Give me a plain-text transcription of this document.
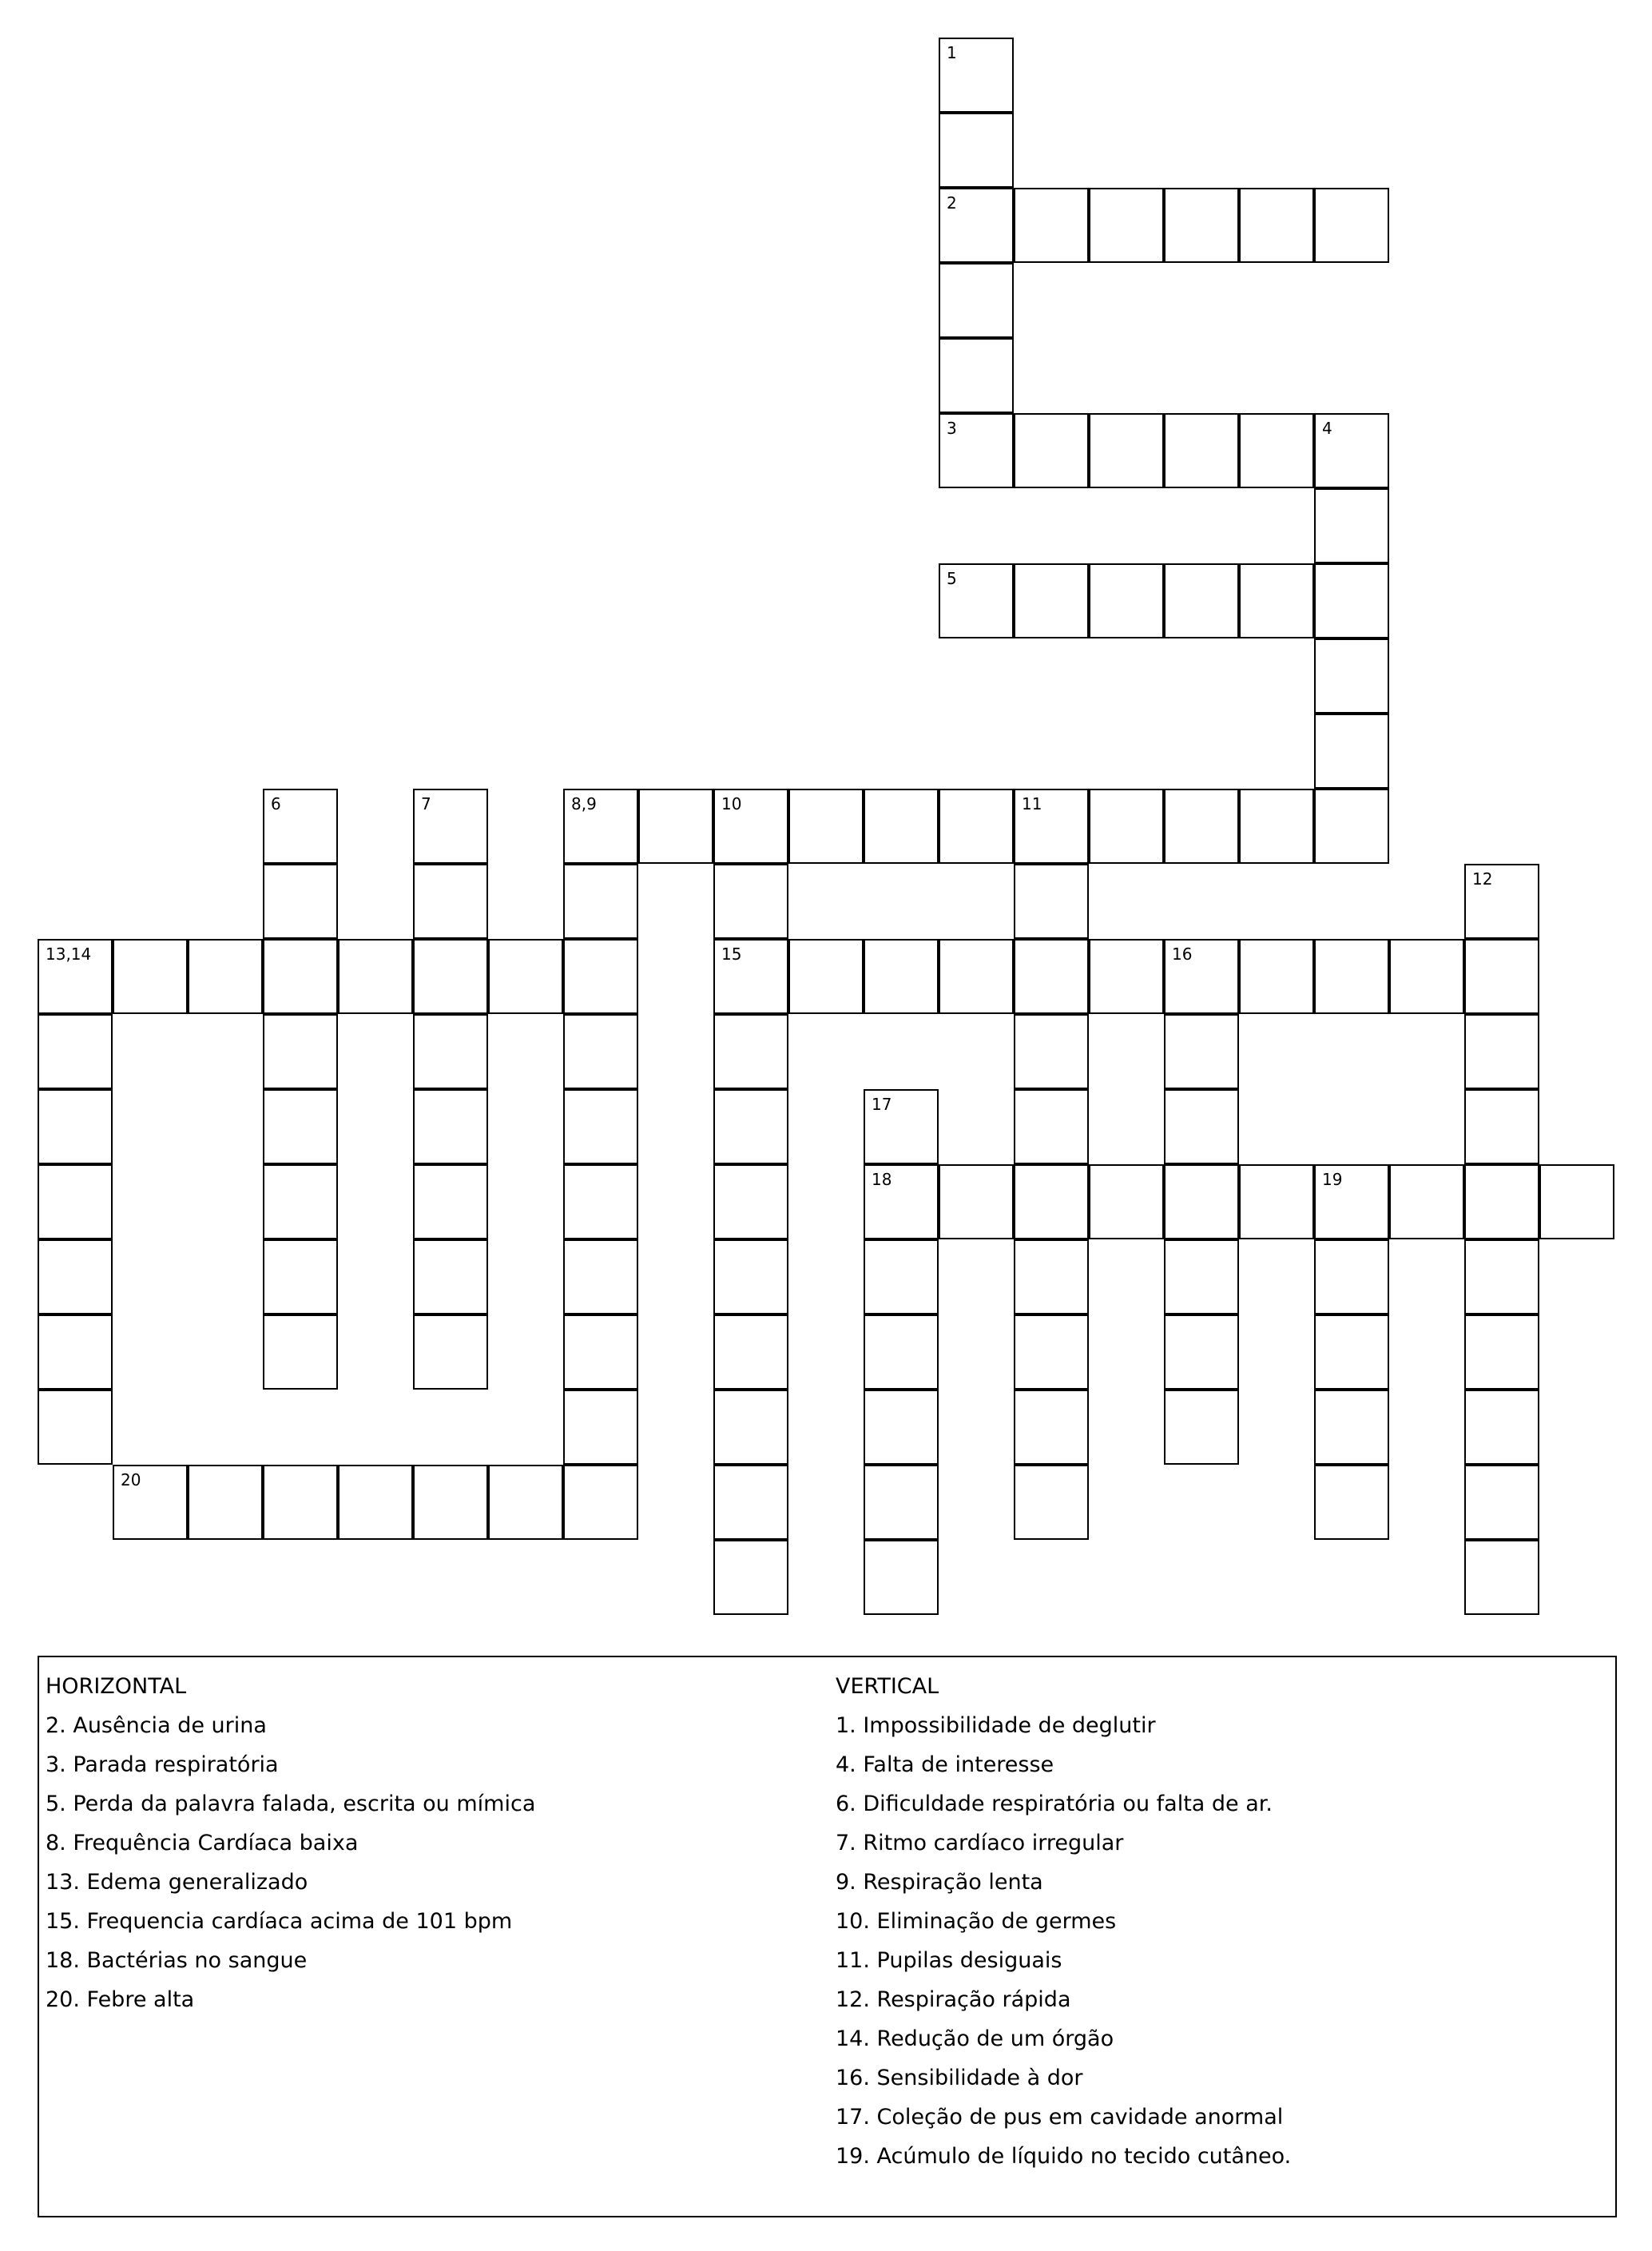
2
3	4
5
8,9	10	11
13,14	15	16
18	19
20
1
6	7
12
17
HORIZONTAL
2. Ausência de urina
3. Parada respiratória
5. Perda da palavra falada, escrita ou mímica
8. Frequência Cardíaca baixa
13. Edema generalizado
15. Frequencia cardíaca acima de 101 bpm
18. Bactérias no sangue
20. Febre alta
VERTICAL
1. Impossibilidade de deglutir
4. Falta de interesse
6. Dificuldade respiratória ou falta de ar.
7. Ritmo cardíaco irregular
9. Respiração lenta
10. Eliminação de germes
11. Pupilas desiguais
12. Respiração rápida
14. Redução de um órgão
16. Sensibilidade à dor
17. Coleção de pus em cavidade anormal
19. Acúmulo de líquido no tecido cutâneo.
